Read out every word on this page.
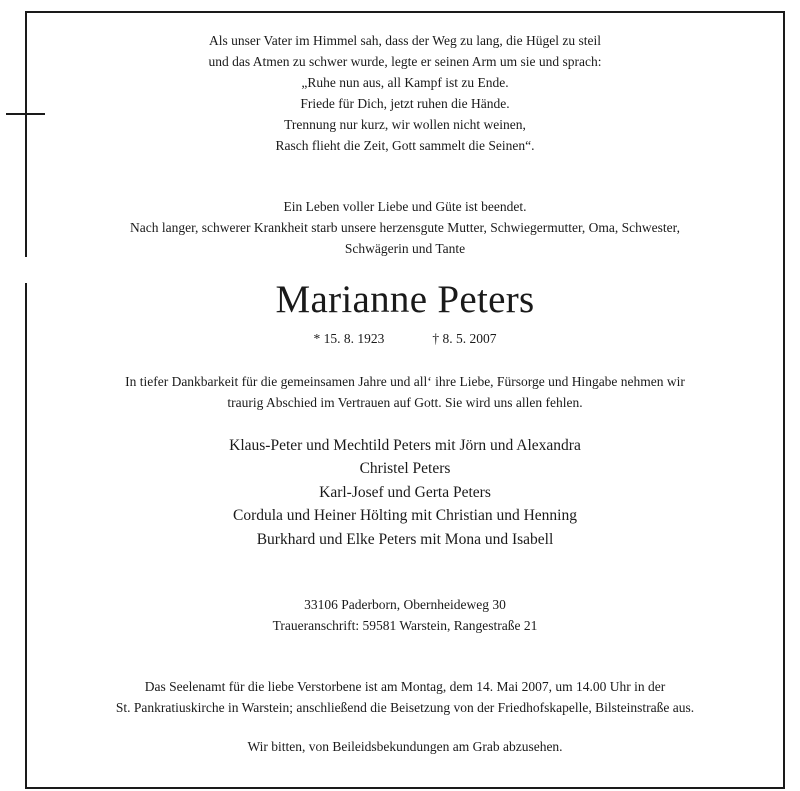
Als unser Vater im Himmel sah, dass der Weg zu lang, die Hügel zu steil
und das Atmen zu schwer wurde, legte er seinen Arm um sie und sprach:
„Ruhe nun aus, all Kampf ist zu Ende.
Friede für Dich, jetzt ruhen die Hände.
Trennung nur kurz, wir wollen nicht weinen,
Rasch flieht die Zeit, Gott sammelt die Seinen“.
Ein Leben voller Liebe und Güte ist beendet.
Nach langer, schwerer Krankheit starb unsere herzensgute Mutter, Schwiegermutter, Oma, Schwester,
Schwägerin und Tante
Marianne Peters
* 15. 8. 1923	† 8. 5. 2007
In tiefer Dankbarkeit für die gemeinsamen Jahre und all‘ ihre Liebe, Fürsorge und Hingabe nehmen wir
traurig Abschied im Vertrauen auf Gott. Sie wird uns allen fehlen.
Klaus-Peter und Mechtild Peters mit Jörn und Alexandra
Christel Peters
Karl-Josef und Gerta Peters
Cordula und Heiner Hölting mit Christian und Henning
Burkhard und Elke Peters mit Mona und Isabell
33106 Paderborn, Obernheideweg 30
Traueranschrift: 59581 Warstein, Rangestraße 21
Das Seelenamt für die liebe Verstorbene ist am Montag, dem 14. Mai 2007, um 14.00 Uhr in der
St. Pankratiuskirche in Warstein; anschließend die Beisetzung von der Friedhofskapelle, Bilsteinstraße aus.
Wir bitten, von Beileidsbekundungen am Grab abzusehen.
